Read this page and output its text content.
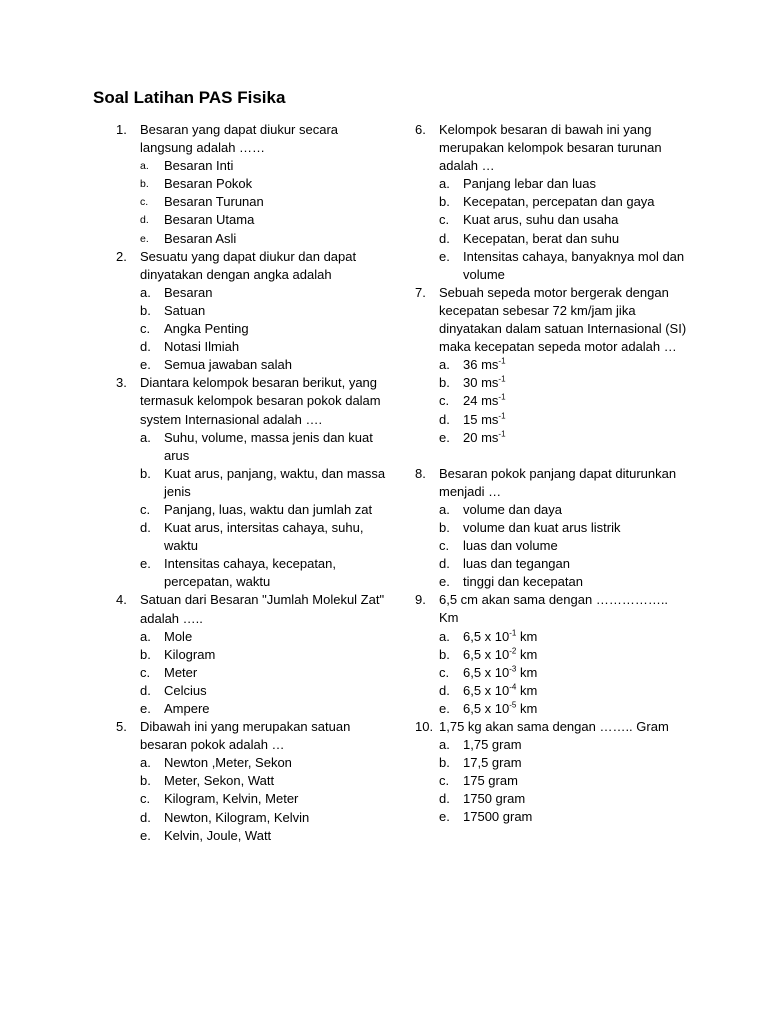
Soal Latihan PAS Fisika
1.	Besaran yang dapat diukur secara langsung adalah ……
a.	Besaran Inti
b.	Besaran Pokok
c.	Besaran Turunan
d.	Besaran Utama
e.	Besaran Asli
2.	Sesuatu yang dapat diukur dan dapat dinyatakan dengan angka adalah
a.	Besaran
b.	Satuan
c.	Angka Penting
d.	Notasi Ilmiah
e.	Semua jawaban salah
3.	Diantara kelompok besaran berikut, yang termasuk kelompok besaran pokok dalam system Internasional adalah ….
a.	Suhu, volume, massa jenis dan kuat arus
b.	Kuat arus, panjang, waktu, dan massa jenis
c.	Panjang, luas, waktu dan jumlah zat
d.	Kuat arus, intersitas cahaya, suhu, waktu
e.	Intensitas cahaya, kecepatan, percepatan, waktu
4.	Satuan dari Besaran "Jumlah Molekul Zat" adalah …..
a.	Mole
b.	Kilogram
c.	Meter
d.	Celcius
e.	Ampere
5.	Dibawah ini yang merupakan satuan besaran pokok adalah …
a.	Newton ,Meter, Sekon
b.	Meter, Sekon, Watt
c.	Kilogram, Kelvin, Meter
d.	Newton, Kilogram, Kelvin
e.	Kelvin, Joule, Watt
6.	Kelompok besaran di bawah ini yang merupakan kelompok besaran turunan adalah …
a.	Panjang lebar dan luas
b.	Kecepatan, percepatan dan gaya
c.	Kuat arus, suhu dan usaha
d.	Kecepatan, berat dan suhu
e.	Intensitas cahaya, banyaknya mol dan volume
7.	Sebuah sepeda motor bergerak dengan kecepatan sebesar 72 km/jam jika dinyatakan dalam satuan Internasional (SI) maka kecepatan sepeda motor adalah …
a.	36 $ms^{-1}$
b.	30 $ms^{-1}$
c.	24 $ms^{-1}$
d.	15 $ms^{-1}$
e.	20 $ms^{-1}$
8.	Besaran pokok panjang dapat diturunkan menjadi …
a.	volume dan daya
b.	volume dan kuat arus listrik
c.	luas dan volume
d.	luas dan tegangan
e.	tinggi dan kecepatan
9.	6,5 cm akan sama dengan …………….. Km
a.	6,5 x $10^{-1}$ km
b.	6,5 x $10^{-2}$ km
c.	6,5 x $10^{-3}$ km
d.	6,5 x $10^{-4}$ km
e.	6,5 x $10^{-5}$ km
10. 1,75 kg akan sama dengan …….. Gram
a.	1,75 gram
b.	17,5 gram
c.	175 gram
d.	1750 gram
e.	17500 gram
